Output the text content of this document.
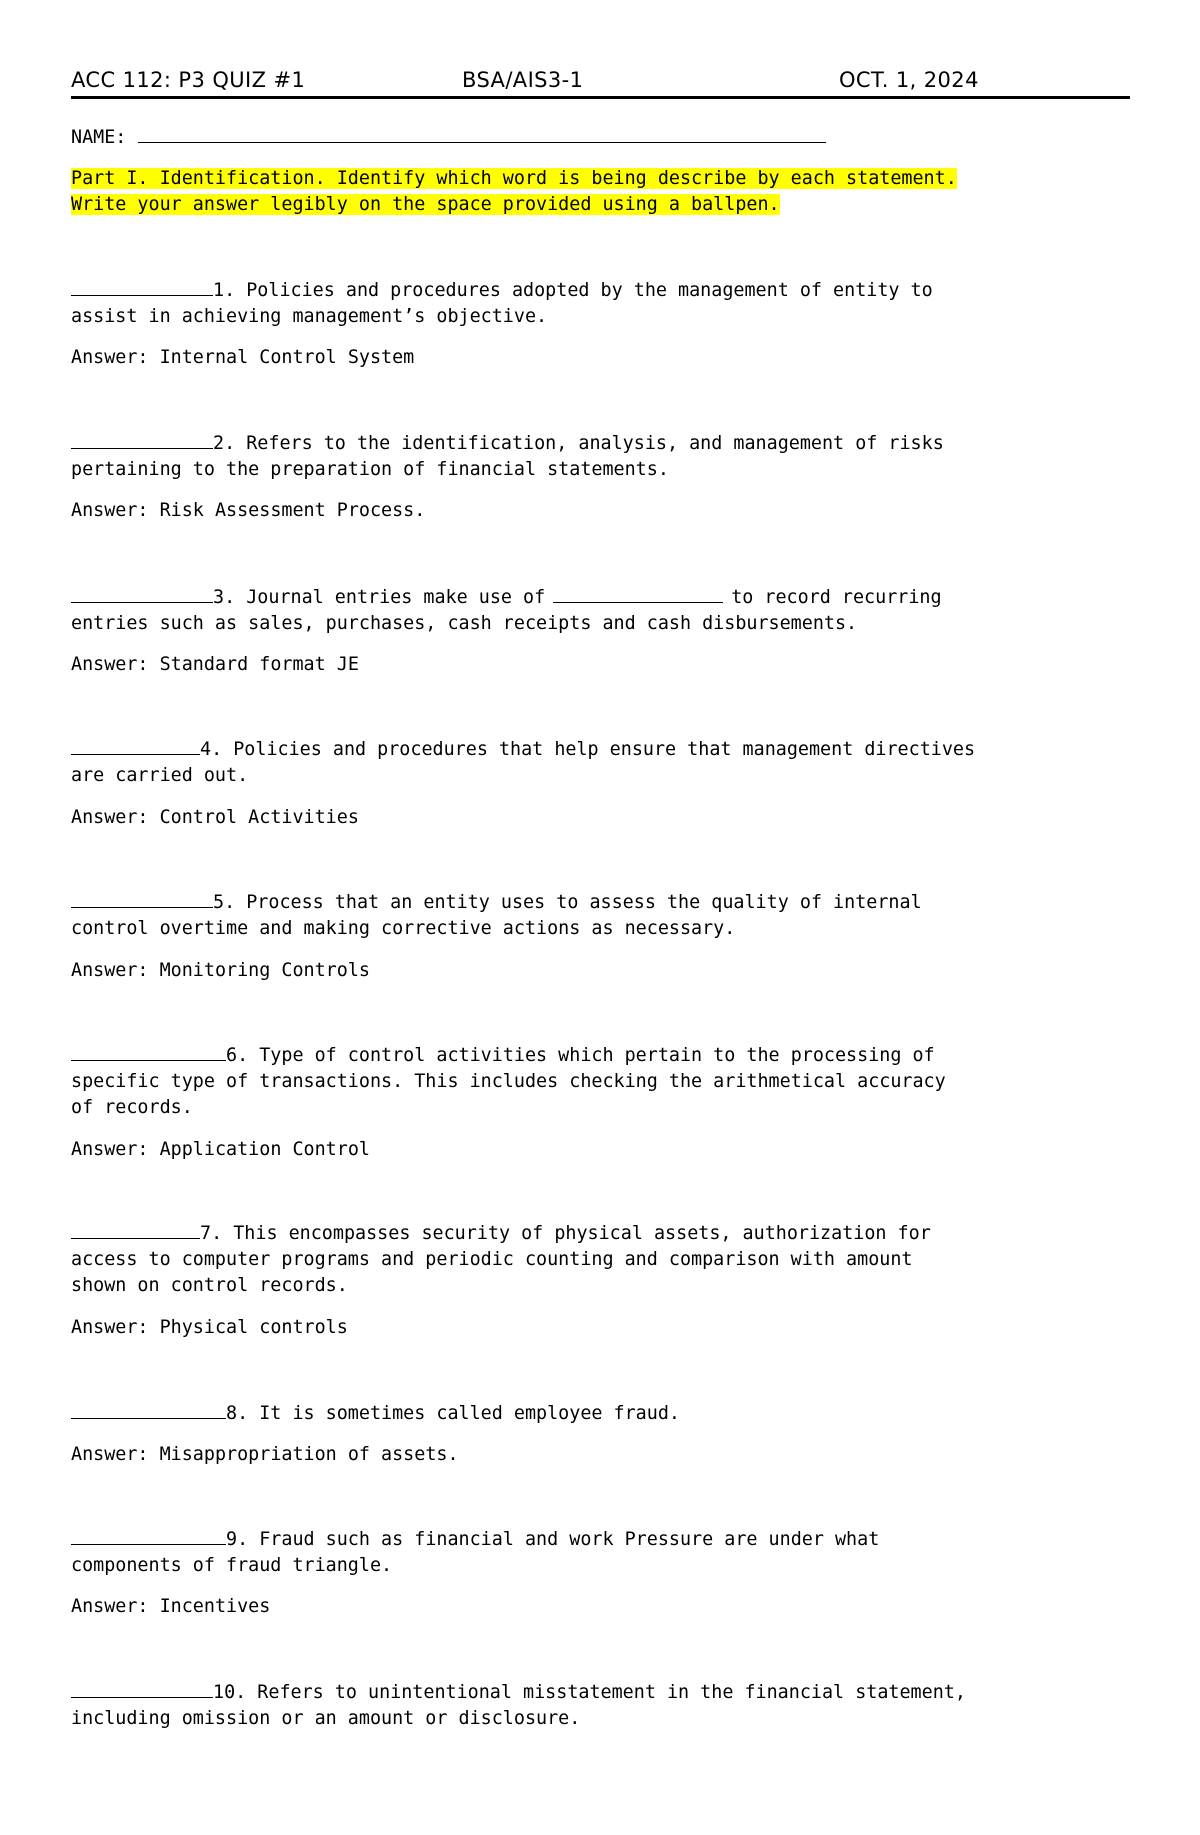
ACC 112: P3 QUIZ #1	BSA/AIS3-1	OCT. 1, 2024
NAME:
Part I. Identification. Identify which word is being describe by each statement.
Write your answer legibly on the space provided using a ballpen.
1. Policies and procedures adopted by the management of entity to
assist in achieving management’s objective.
Answer: Internal Control System
2. Refers to the identification, analysis, and management of risks
pertaining to the preparation of financial statements.
Answer: Risk Assessment Process.
3. Journal entries make use of	to record recurring
entries such as sales, purchases, cash receipts and cash disbursements.
Answer: Standard format JE
4. Policies and procedures that help ensure that management directives
are carried out.
Answer: Control Activities
5. Process that an entity uses to assess the quality of internal
control overtime and making corrective actions as necessary.
Answer: Monitoring Controls
6. Type of control activities which pertain to the processing of
specific type of transactions. This includes checking the arithmetical accuracy
of records.
Answer: Application Control
7. This encompasses security of physical assets, authorization for
access to computer programs and periodic counting and comparison with amount
shown on control records.
Answer: Physical controls
8. It is sometimes called employee fraud.
Answer: Misappropriation of assets.
9. Fraud such as financial and work Pressure are under what
components of fraud triangle.
Answer: Incentives
10. Refers to unintentional misstatement in the financial statement,
including omission or an amount or disclosure.
